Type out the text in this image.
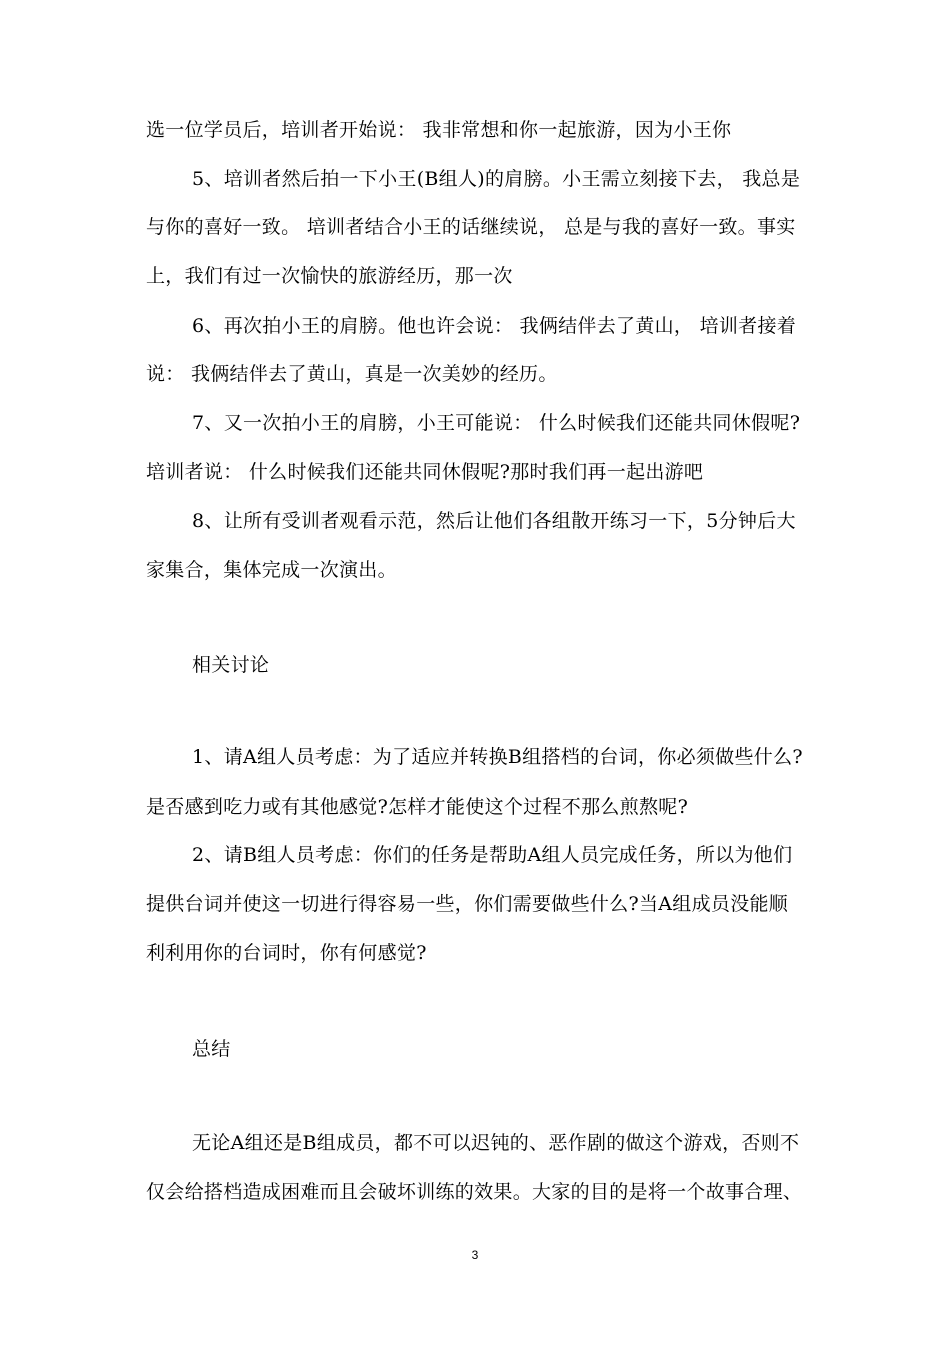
选一位学员后，培训者开始说： 我非常想和你一起旅游，因为小王你
5、培训者然后拍一下小王(B组人)的肩膀。小王需立刻接下去， 我总是
与你的喜好一致。 培训者结合小王的话继续说， 总是与我的喜好一致。事实
上，我们有过一次愉快的旅游经历，那一次
6、再次拍小王的肩膀。他也许会说： 我俩结伴去了黄山， 培训者接着
说： 我俩结伴去了黄山，真是一次美妙的经历。
7、又一次拍小王的肩膀，小王可能说： 什么时候我们还能共同休假呢?
培训者说： 什么时候我们还能共同休假呢?那时我们再一起出游吧
8、让所有受训者观看示范，然后让他们各组散开练习一下，5分钟后大
家集合，集体完成一次演出。
相关讨论
1、请A组人员考虑：为了适应并转换B组搭档的台词，你必须做些什么?
是否感到吃力或有其他感觉?怎样才能使这个过程不那么煎熬呢?
2、请B组人员考虑：你们的任务是帮助A组人员完成任务，所以为他们
提供台词并使这一切进行得容易一些，你们需要做些什么?当A组成员没能顺
利利用你的台词时，你有何感觉?
总结
无论A组还是B组成员，都不可以迟钝的、恶作剧的做这个游戏，否则不
仅会给搭档造成困难而且会破坏训练的效果。大家的目的是将一个故事合理、
3
